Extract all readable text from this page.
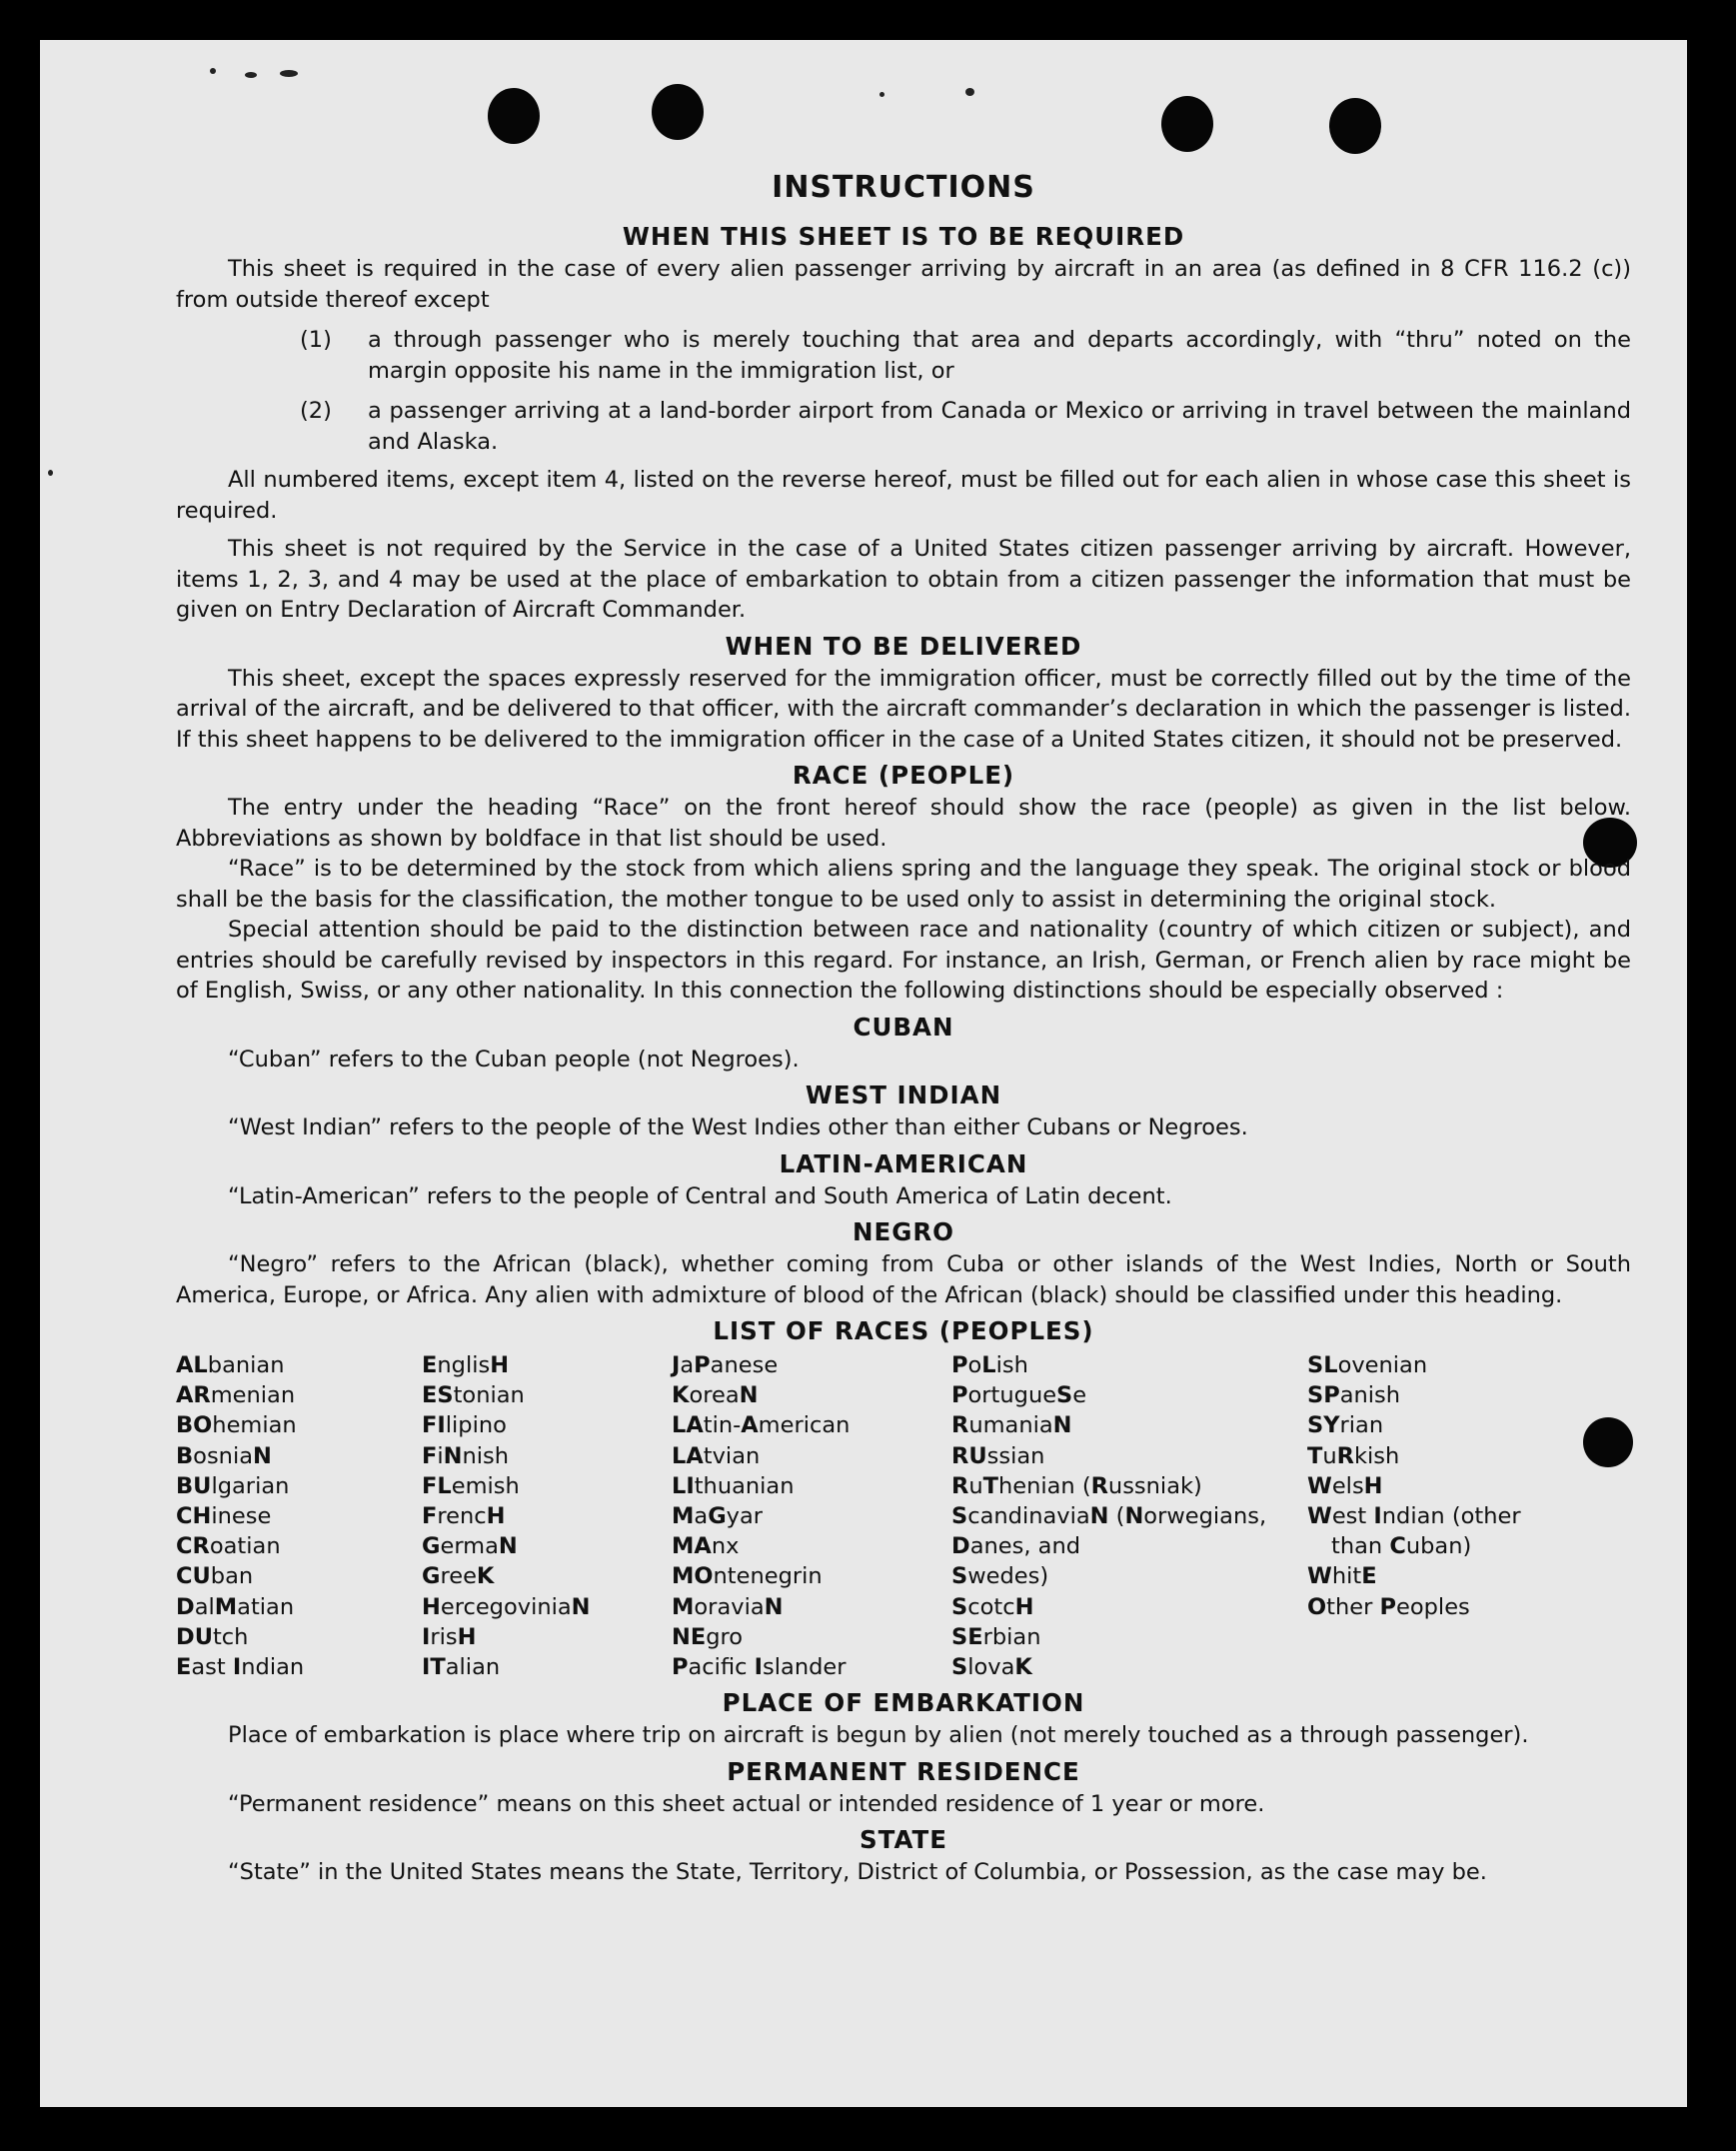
INSTRUCTIONS
WHEN THIS SHEET IS TO BE REQUIRED

This sheet is required in the case of every alien passenger arriving by aircraft in an area (as defined in 8 CFR 116.2 (c)) from outside thereof except

(1)	a through passenger who is merely touching that area and departs accordingly, with “thru” noted on the margin opposite his name in the immigration list, or
(2)	a passenger arriving at a land-border airport from Canada or Mexico or arriving in travel between the mainland and Alaska.

All numbered items, except item 4, listed on the reverse hereof, must be filled out for each alien in whose case this sheet is required.

This sheet is not required by the Service in the case of a United States citizen passenger arriving by aircraft. However, items 1, 2, 3, and 4 may be used at the place of embarkation to obtain from a citizen passenger the information that must be given on Entry Declaration of Aircraft Commander.

WHEN TO BE DELIVERED

This sheet, except the spaces expressly reserved for the immigration officer, must be correctly filled out by the time of the arrival of the aircraft, and be delivered to that officer, with the aircraft commander’s declaration in which the passenger is listed. If this sheet happens to be delivered to the immigration officer in the case of a United States citizen, it should not be preserved.

RACE (PEOPLE)

The entry under the heading “Race” on the front hereof should show the race (people) as given in the list below. Abbreviations as shown by boldface in that list should be used.

“Race” is to be determined by the stock from which aliens spring and the language they speak. The original stock or blood shall be the basis for the classification, the mother tongue to be used only to assist in determining the original stock.

Special attention should be paid to the distinction between race and nationality (country of which citizen or subject), and entries should be carefully revised by inspectors in this regard. For instance, an Irish, German, or French alien by race might be of English, Swiss, or any other nationality. In this connection the following distinctions should be especially observed :

CUBAN

“Cuban” refers to the Cuban people (not Negroes).

WEST INDIAN

“West Indian” refers to the people of the West Indies other than either Cubans or Negroes.

LATIN-AMERICAN

“Latin-American” refers to the people of Central and South America of Latin decent.

NEGRO

“Negro” refers to the African (black), whether coming from Cuba or other islands of the West Indies, North or South America, Europe, or Africa. Any alien with admixture of blood of the African (black) should be classified under this heading.

LIST OF RACES (PEOPLES)
ALbanian
ARmenian
BOhemian
BosniaN
BUlgarian
CHinese
CRoatian
CUban
DalMatian
DUtch
East Indian
EnglisH
EStonian
FIlipino
FiNnish
FLemish
FrencH
GermaN
GreeK
HercegoviniaN
IrisH
ITalian
JaPanese
KoreaN
LAtin-American
LAtvian
LIthuanian
MaGyar
MAnx
MOntenegrin
MoraviaN
NEgro
Pacifc Islander
PoLish
PortugueSe
RumaniaN
RUssian
RuThenian (Russniak)
ScandinaviaN (Norwegians,
Danes, and
Swedes)
ScotcH
SErbian
SlovaK
SLovenian
SPanish
SYrian
TuRkish
WelsH
West Indian (other
than Cuban)
WhitE
Other Peoples
PLACE OF EMBARKATION

Place of embarkation is place where trip on aircraft is begun by alien (not merely touched as a through passenger).

PERMANENT RESIDENCE

“Permanent residence” means on this sheet actual or intended residence of 1 year or more.

STATE

“State” in the United States means the State, Territory, District of Columbia, or Possession, as the case may be.
